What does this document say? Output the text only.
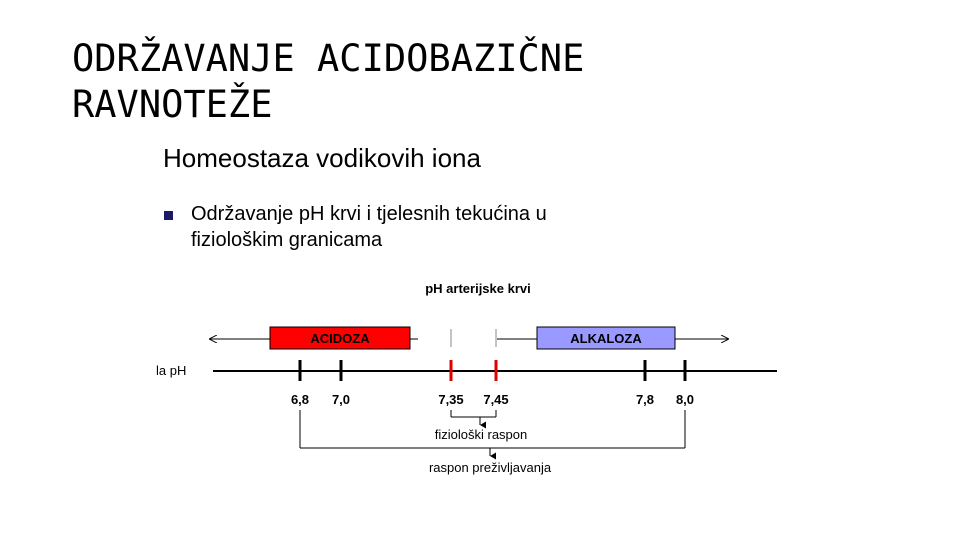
ODRŽAVANJE ACIDOBAZIČNE
RAVNOTEŽE
Homeostaza vodikovih iona
Održavanje pH krvi i tjelesnih tekućina u
fiziološkim granicama
pH arterijske krvi
ACIDOZA	ALKALOZA
la pH
6,8 7,0	7,35 7,45	7,8 8,0
fiziološki raspon
raspon preživljavanja
